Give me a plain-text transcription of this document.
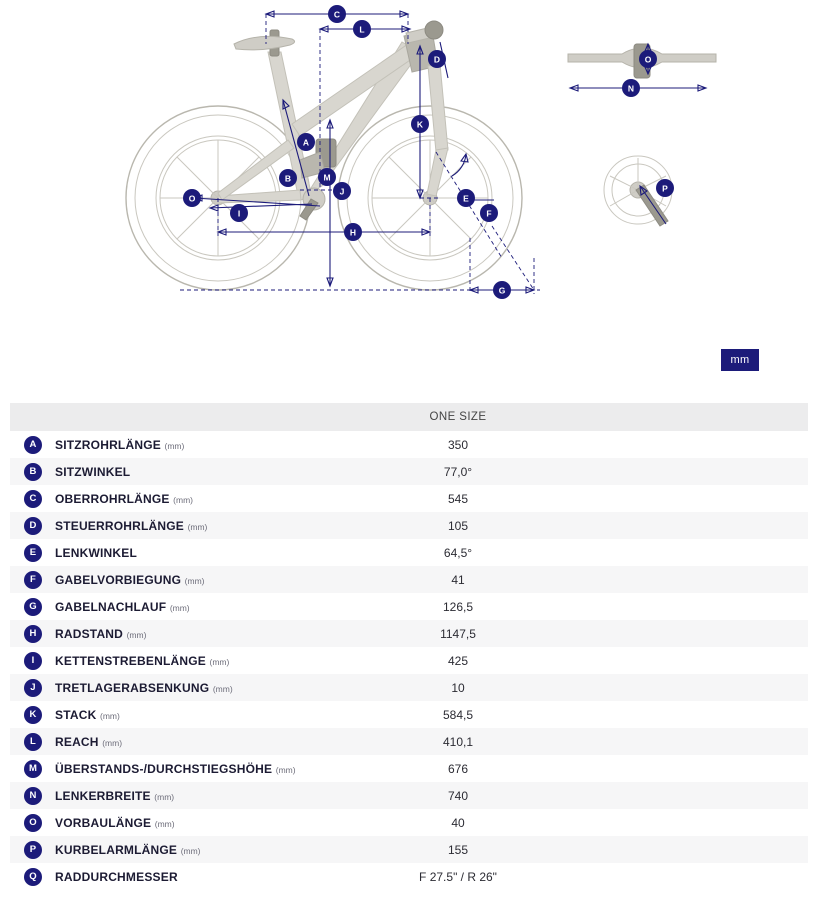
C
L
D
K
A
B	M
J
O
I
H
E
F
G
O
N
P
mm
		ONE SIZE	
A	SITZROHRLÄNGE (mm)	350	
B	SITZWINKEL	77,0°	
C	OBERROHRLÄNGE (mm)	545	
D	STEUERROHRLÄNGE (mm)	105	
E	LENKWINKEL	64,5°	
F	GABELVORBIEGUNG (mm)	41	
G	GABELNACHLAUF (mm)	126,5	
H	RADSTAND (mm)	1147,5	
I	KETTENSTREBENLÄNGE (mm)	425	
J	TRETLAGERABSENKUNG (mm)	10	
K	STACK (mm)	584,5	
L	REACH (mm)	410,1	
M	ÜBERSTANDS-/DURCHSTIEGSHÖHE (mm)	676	
N	LENKERBREITE (mm)	740	
O	VORBAULÄNGE (mm)	40	
P	KURBELARMLÄNGE (mm)	155	
Q	RADDURCHMESSER	F 27.5" / R 26"	
